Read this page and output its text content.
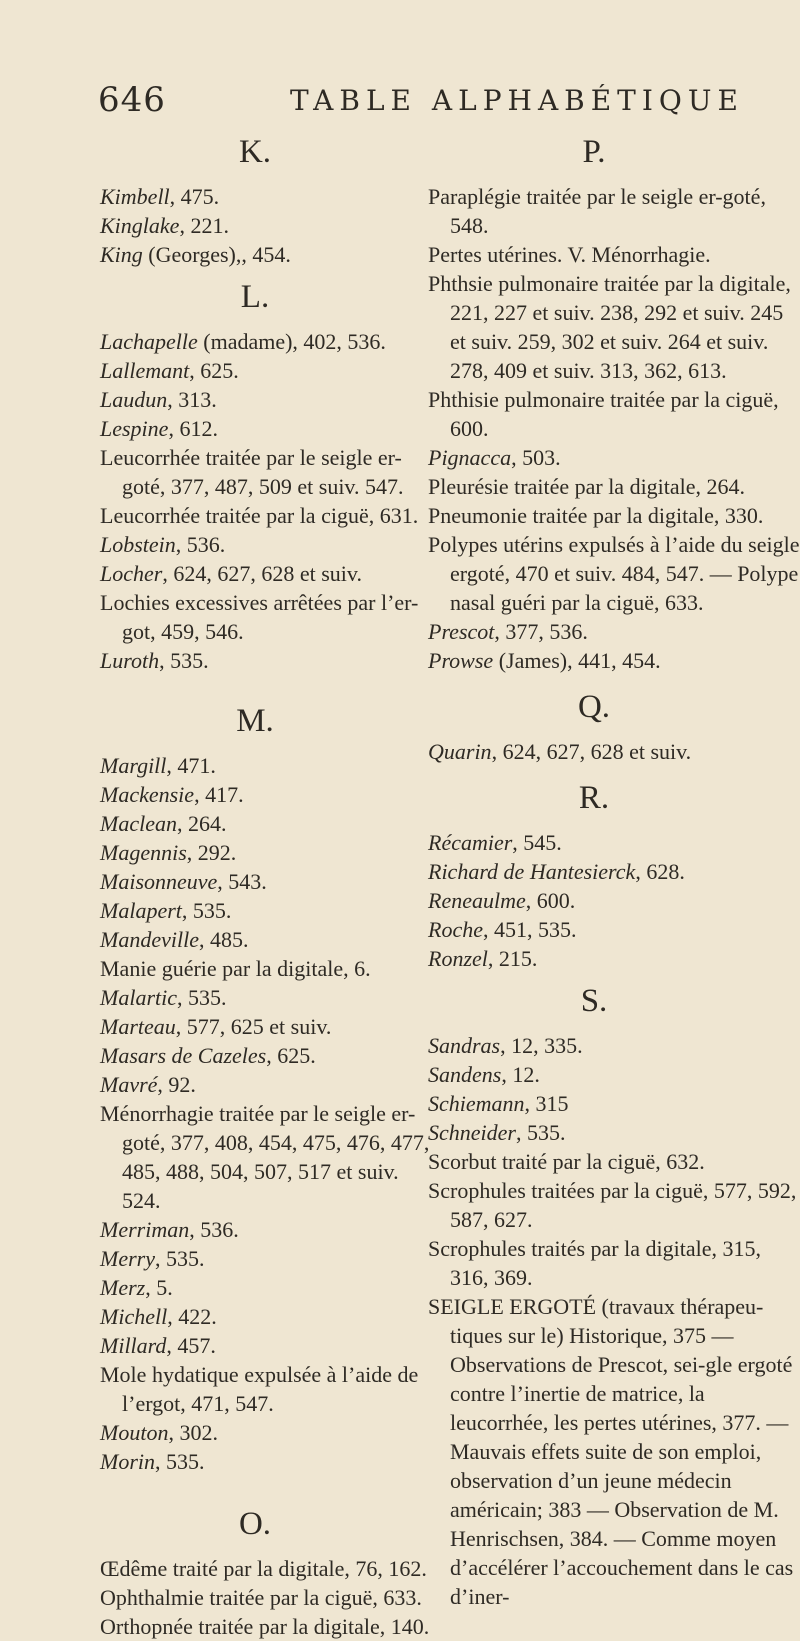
646	TABLE ALPHABÉTIQUE
K.
Kimbell, 475.
Kinglake, 221.
King (Georges),, 454.
L.
Lachapelle (madame), 402, 536.
Lallemant, 625.
Laudun, 313.
Lespine, 612.
Leucorrhée traitée par le seigle er-goté, 377, 487, 509 et suiv. 547.
Leucorrhée traitée par la ciguë, 631.
Lobstein, 536.
Locher, 624, 627, 628 et suiv.
Lochies excessives arrêtées par l’er-got, 459, 546.
Luroth, 535.
M.
Margill, 471.
Mackensie, 417.
Maclean, 264.
Magennis, 292.
Maisonneuve, 543.
Malapert, 535.
Mandeville, 485.
Manie guérie par la digitale, 6.
Malartic, 535.
Marteau, 577, 625 et suiv.
Masars de Cazeles, 625.
Mavré, 92.
Ménorrhagie traitée par le seigle er-goté, 377, 408, 454, 475, 476, 477, 485, 488, 504, 507, 517 et suiv. 524.
Merriman, 536.
Merry, 535.
Merz, 5.
Michell, 422.
Millard, 457.
Mole hydatique expulsée à l’aide de l’ergot, 471, 547.
Mouton, 302.
Morin, 535.
O.
Œdême traité par la digitale, 76, 162.
Ophthalmie traitée par la ciguë, 633.
Orthopnée traitée par la digitale, 140.
P.
Paraplégie traitée par le seigle er-goté, 548.
Pertes utérines. V. Ménorrhagie.
Phthsie pulmonaire traitée par la digitale, 221, 227 et suiv. 238, 292 et suiv. 245 et suiv. 259, 302 et suiv. 264 et suiv. 278, 409 et suiv. 313, 362, 613.
Phthisie pulmonaire traitée par la ciguë, 600.
Pignacca, 503.
Pleurésie traitée par la digitale, 264.
Pneumonie traitée par la digitale, 330.
Polypes utérins expulsés à l’aide du seigle ergoté, 470 et suiv. 484, 547. — Polype nasal guéri par la ciguë, 633.
Prescot, 377, 536.
Prowse (James), 441, 454.
Q.
Quarin, 624, 627, 628 et suiv.
R.
Récamier, 545.
Richard de Hantesierck, 628.
Reneaulme, 600.
Roche, 451, 535.
Ronzel, 215.
S.
Sandras, 12, 335.
Sandens, 12.
Schiemann, 315
Schneider, 535.
Scorbut traité par la ciguë, 632.
Scrophules traitées par la ciguë, 577, 592, 587, 627.
Scrophules traités par la digitale, 315, 316, 369.
SEIGLE ERGOTÉ (travaux thérapeu-tiques sur le) Historique, 375 — Observations de Prescot, sei-gle ergoté contre l’inertie de matrice, la leucorrhée, les pertes utérines, 377. — Mauvais effets suite de son emploi, observation d’un jeune médecin américain; 383 — Observation de M. Henrischsen, 384. — Comme moyen d’accélérer l’accouchement dans le cas d’iner-
